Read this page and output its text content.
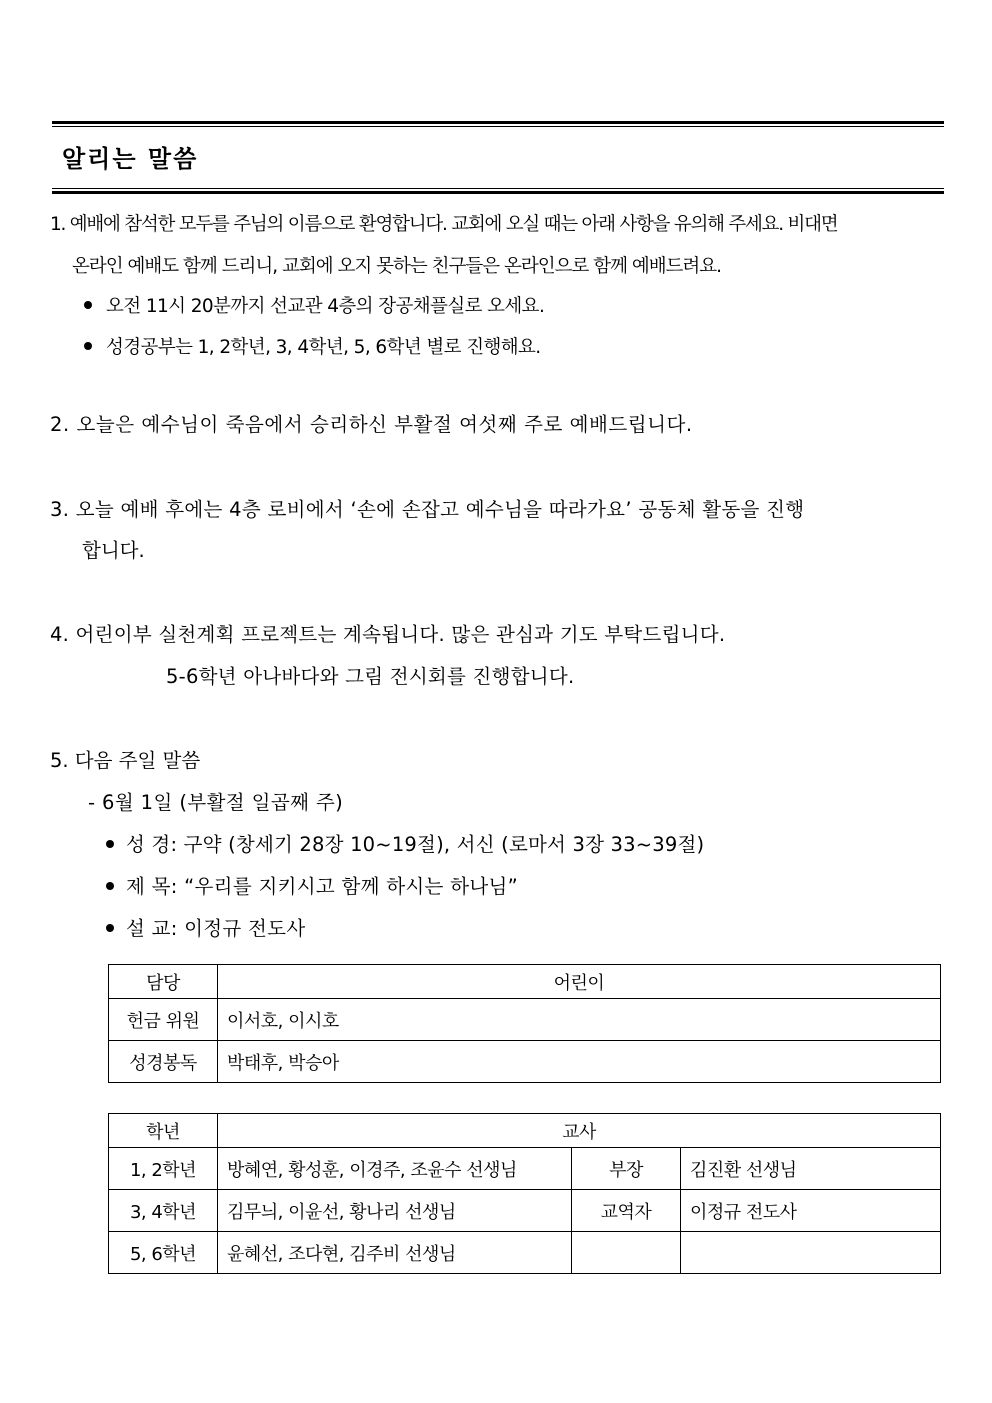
알리는 말씀
1. 예배에 참석한 모두를 주님의 이름으로 환영합니다. 교회에 오실 때는 아래 사항을 유의해 주세요. 비대면
온라인 예배도 함께 드리니, 교회에 오지 못하는 친구들은 온라인으로 함께 예배드려요.
오전 11시 20분까지 선교관 4층의 장공채플실로 오세요.
성경공부는 1, 2학년, 3, 4학년, 5, 6학년 별로 진행해요.
2. 오늘은 예수님이 죽음에서 승리하신 부활절 여섯째 주로 예배드립니다.
3. 오늘 예배 후에는 4층 로비에서 ‘손에 손잡고 예수님을 따라가요’ 공동체 활동을 진행
합니다.
4. 어린이부 실천계획 프로젝트는 계속됩니다. 많은 관심과 기도 부탁드립니다.
5-6학년 아나바다와 그림 전시회를 진행합니다.
5. 다음 주일 말씀
- 6월 1일 (부활절 일곱째 주)
성 경: 구약 (창세기 28장 10~19절), 서신 (로마서 3장 33~39절)
제 목: “우리를 지키시고 함께 하시는 하나님”
설 교: 이정규 전도사
담당	어린이
헌금 위원	이서호, 이시호
성경봉독	박태후, 박승아
학년	교사		
1, 2학년	방혜연, 황성훈, 이경주, 조윤수 선생님	부장	김진환 선생님
3, 4학년	김무늬, 이윤선, 황나리 선생님	교역자	이정규 전도사
5, 6학년	윤혜선, 조다현, 김주비 선생님		
